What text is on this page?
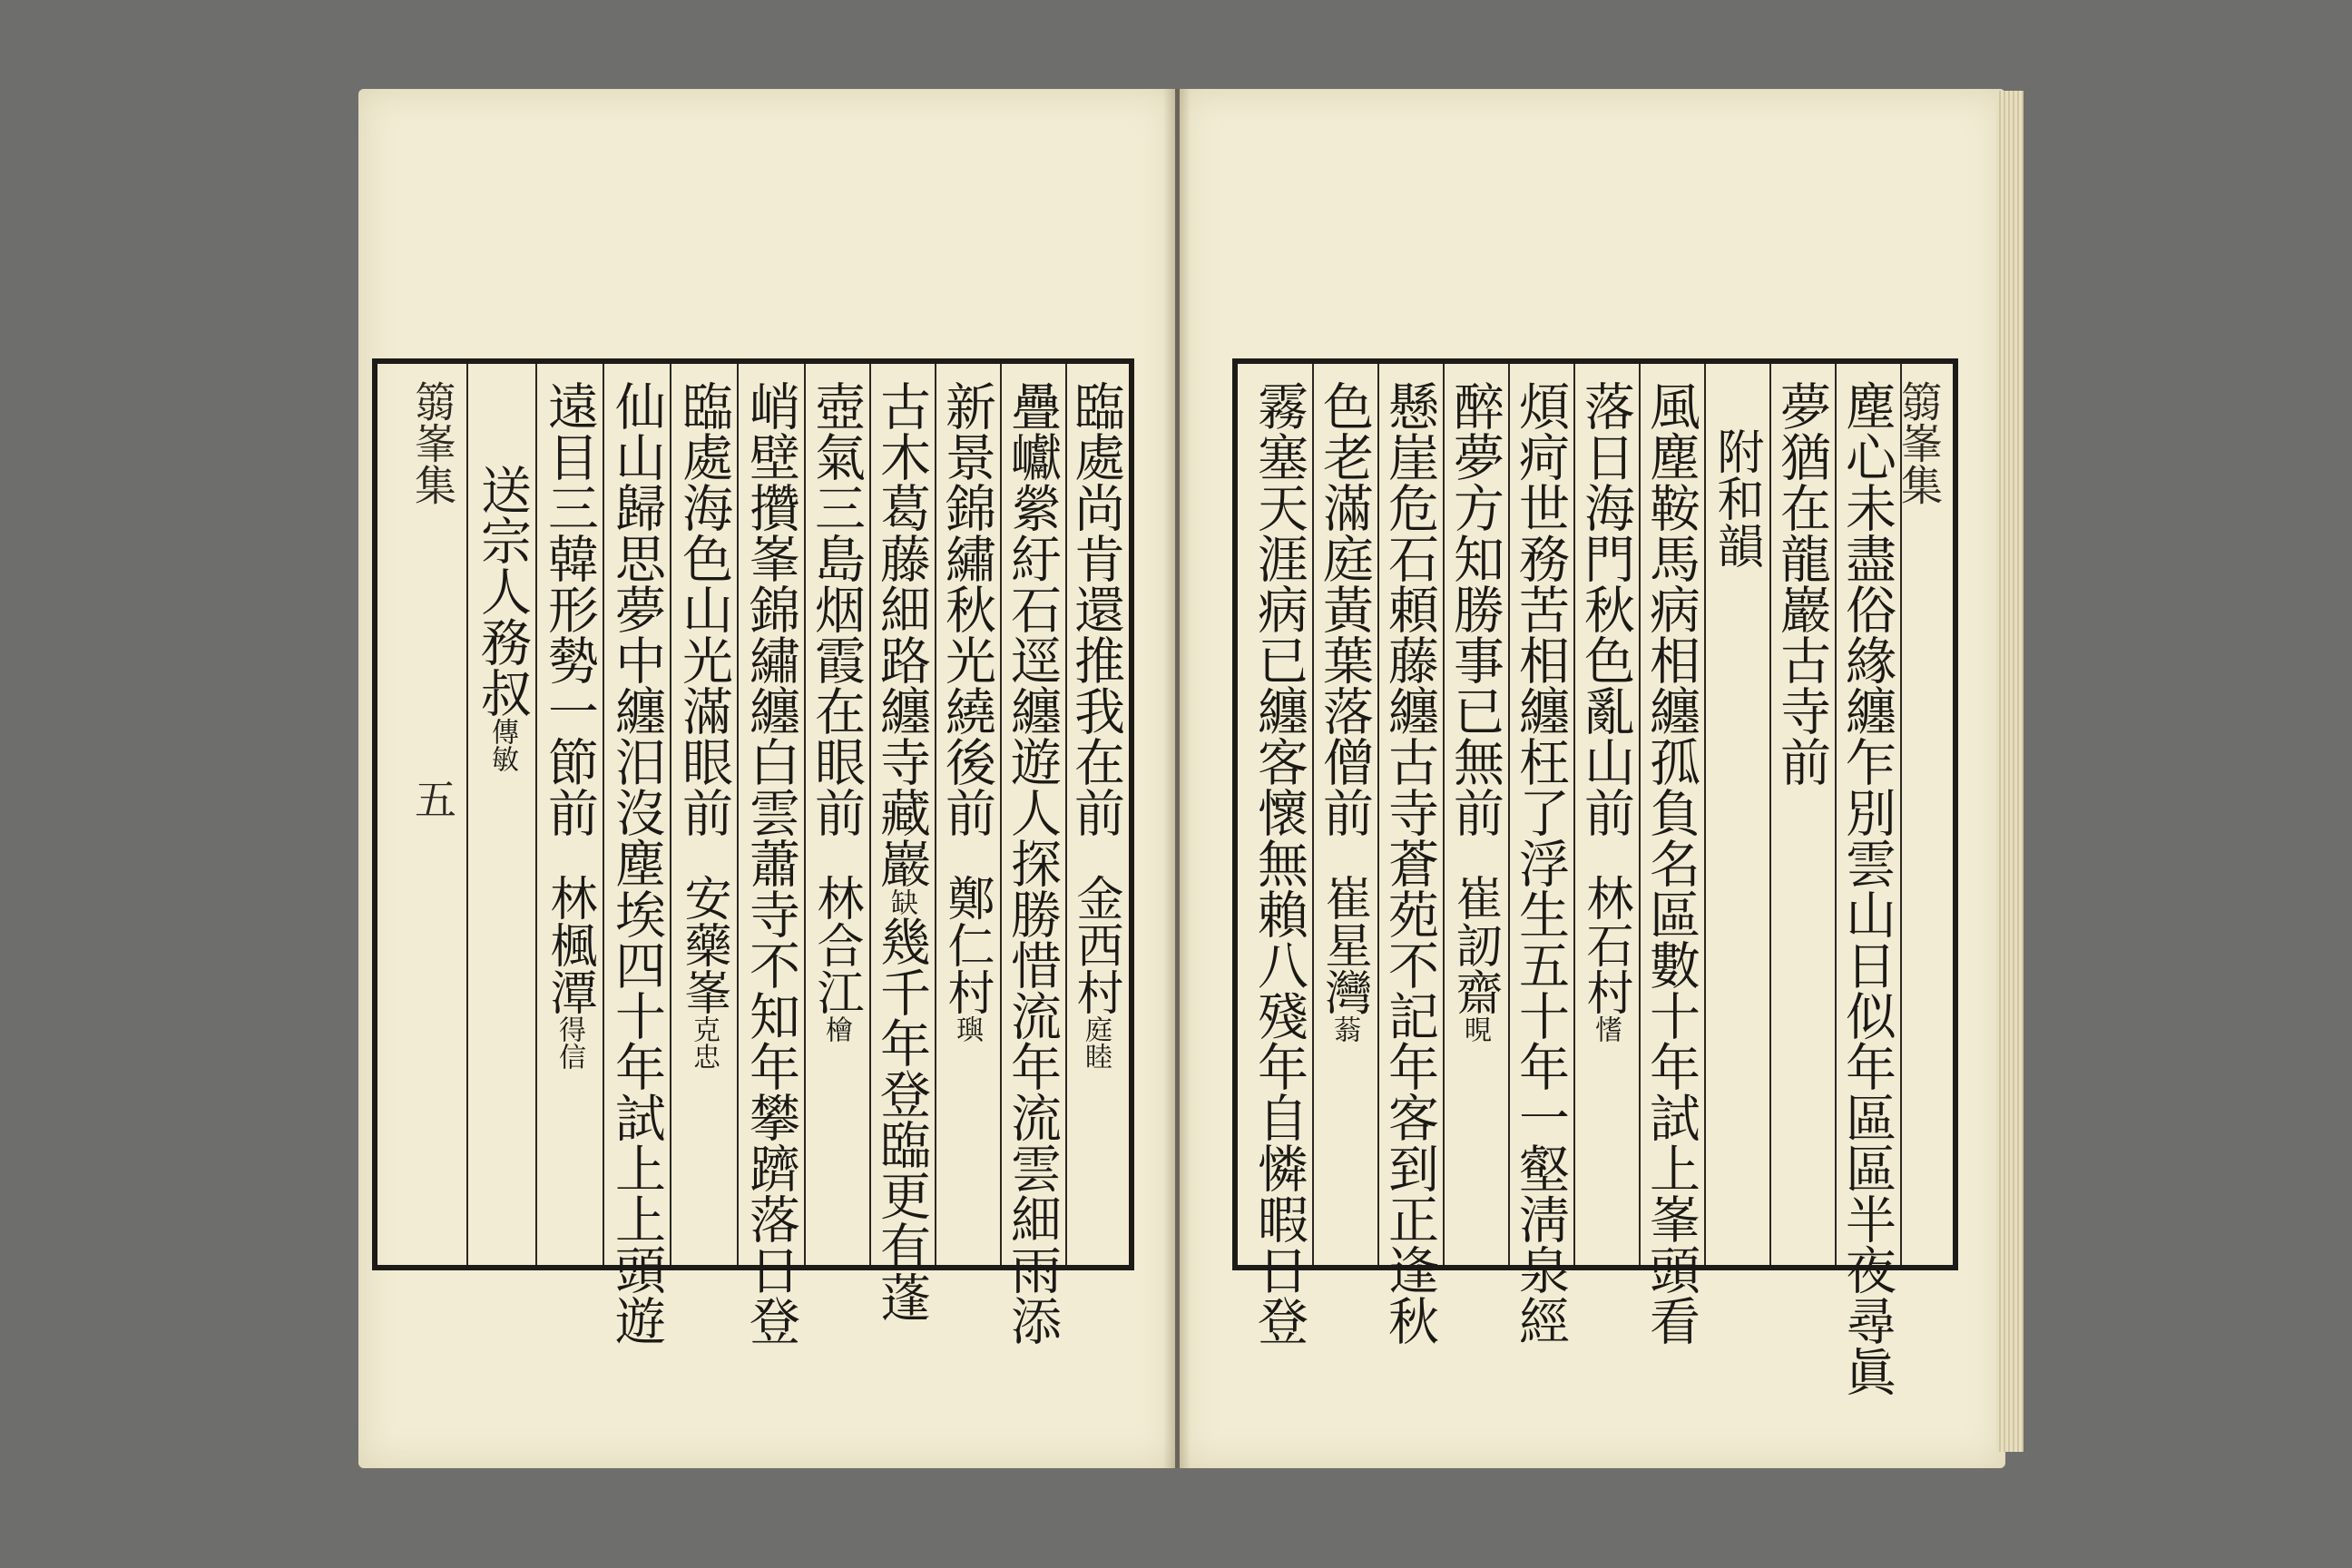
臨處尚肯還推我在前金西村庭睦
疊巘縈紆石逕纏遊人探勝惜流年流雲細雨添
新景錦繡秋光繞後前鄭仁村璵
古木葛藤細路纏寺藏巖缺幾千年登臨更有蓬
壺氣三島烟霞在眼前林合江檜
峭壁攢峯錦繡纏白雲蕭寺不知年攀躋落日登
臨處海色山光滿眼前安藥峯克忠
仙山歸思夢中纏汨沒塵埃四十年試上上頭遊
遠目三韓形勢一節前林楓潭得信
送宗人務叔傳敏
篛峯集五
篛峯集
塵心未盡俗緣纏乍別雲山日似年區區半夜尋眞
夢猶在龍巖古寺前
附和韻
風塵鞍馬病相纏孤負名區數十年試上峯頭看
落日海門秋色亂山前林石村愭
煩疴世務苦相纏枉了浮生五十年一壑淸泉經
醉夢方知勝事已無前崔訒齋晛
懸崖危石頼藤纏古寺蒼苑不記年客到正逢秋
色老滿庭黃葉落僧前崔星灣蓊
霧塞天涯病已纏客懷無賴八殘年自憐暇日登
